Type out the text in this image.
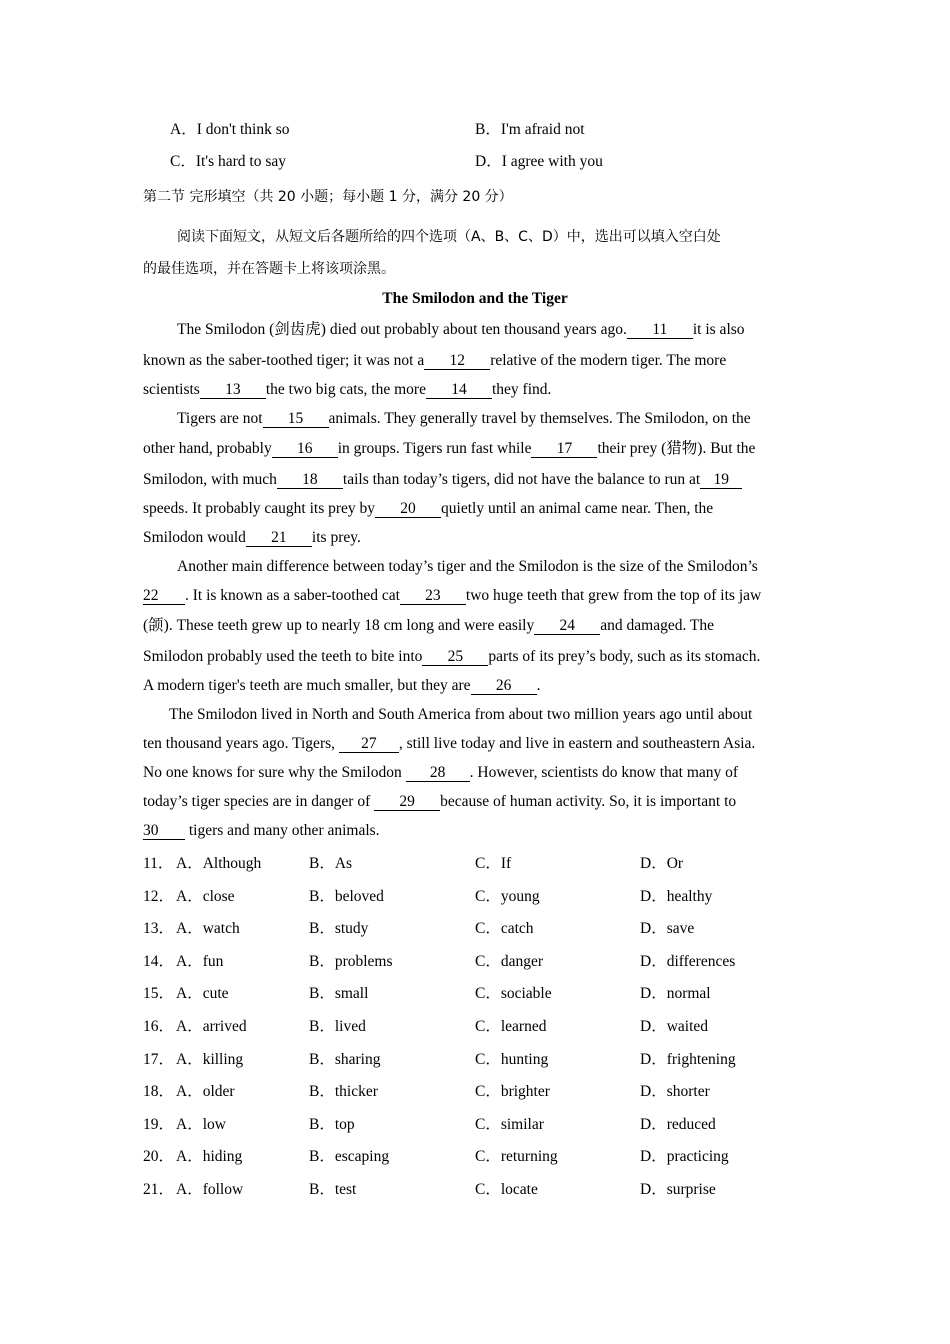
A．I don't think so	B．I'm afraid not
C．It's hard to say	D．I agree with you
第二节 完形填空（共 20 小题；每小题 1 分，满分 20 分）
阅读下面短文，从短文后各题所给的四个选项（A、B、C、D）中，选出可以填入空白处
的最佳选项，并在答题卡上将该项涂黑。
The Smilodon and the Tiger
The Smilodon (剑齿虎) died out probably about ten thousand years ago. 11 it is also
known as the saber-toothed tiger; it was not a 12 relative of the modern tiger. The more
scientists 13 the two big cats, the more 14 they find.
Tigers are not 15 animals. They generally travel by themselves. The Smilodon, on the
other hand, probably 16 in groups. Tigers run fast while 17 their prey (猎物). But the
Smilodon, with much 18 tails than today’s tigers, did not have the balance to run at 19
speeds. It probably caught its prey by 20 quietly until an animal came near. Then, the
Smilodon would 21 its prey.
Another main difference between today’s tiger and the Smilodon is the size of the Smilodon’s
22 . It is known as a saber-toothed cat 23 two huge teeth that grew from the top of its jaw
(颌). These teeth grew up to nearly 18 cm long and were easily 24 and damaged. The
Smilodon probably used the teeth to bite into 25 parts of its prey’s body, such as its stomach.
A modern tiger's teeth are much smaller, but they are 26 .
The Smilodon lived in North and South America from about two million years ago until about
ten thousand years ago. Tigers, 27 , still live today and live in eastern and southeastern Asia.
No one knows for sure why the Smilodon 28 . However, scientists do know that many of
today’s tiger species are in danger of 29 because of human activity. So, it is important to
30 tigers and many other animals.
11． A．Although	B．As	C．If	D．Or
12． A．close	B．beloved	C．young	D．healthy
13． A．watch	B．study	C．catch	D．save
14． A．fun	B．problems	C．danger	D．differences
15． A．cute	B．small	C．sociable	D．normal
16． A．arrived	B．lived	C．learned	D．waited
17． A．killing	B．sharing	C．hunting	D．frightening
18． A．older	B．thicker	C．brighter	D．shorter
19． A．low	B．top	C．similar	D．reduced
20． A．hiding	B．escaping	C．returning	D．practicing
21． A．follow	B．test	C．locate	D．surprise
